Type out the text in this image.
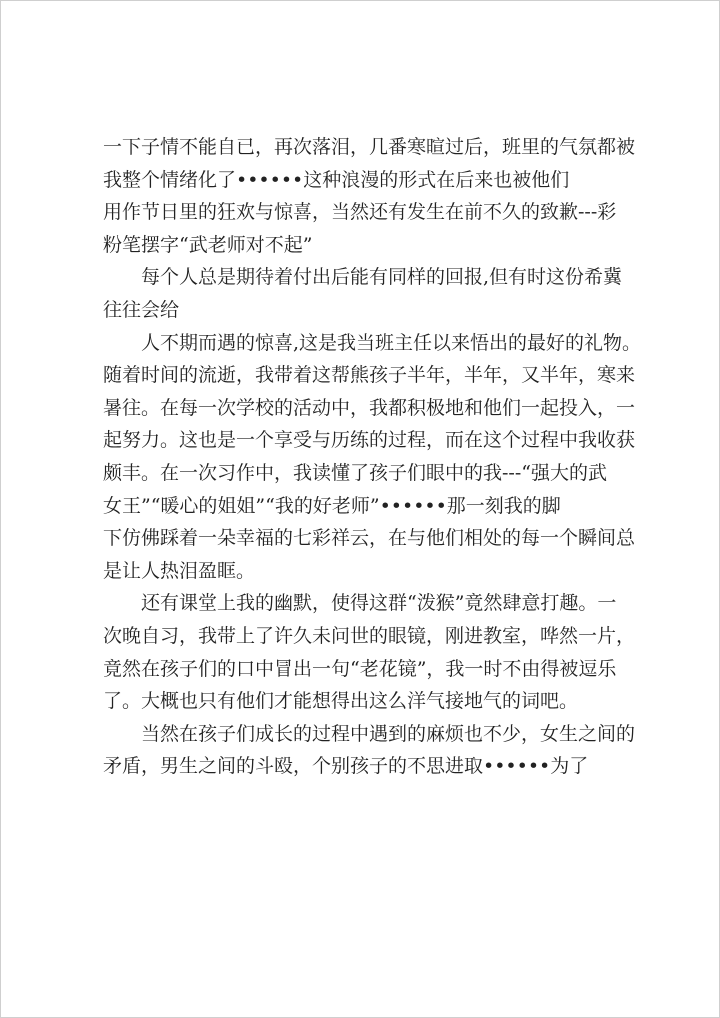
一下子情不能自已，再次落泪，几番寒暄过后，班里的气氛都被
我整个情绪化了••••••这种浪漫的形式在后来也被他们
用作节日里的狂欢与惊喜，当然还有发生在前不久的致歉---彩
粉笔摆字“武老师对不起”
每个人总是期待着付出后能有同样的回报,但有时这份希冀
往往会给
人不期而遇的惊喜,这是我当班主任以来悟出的最好的礼物。
随着时间的流逝，我带着这帮熊孩子半年，半年，又半年，寒来
暑往。在每一次学校的活动中，我都积极地和他们一起投入，一
起努力。这也是一个享受与历练的过程，而在这个过程中我收获
颇丰。在一次习作中，我读懂了孩子们眼中的我---“强大的武
女王”“暖心的姐姐”“我的好老师”••••••那一刻我的脚
下仿佛踩着一朵幸福的七彩祥云，在与他们相处的每一个瞬间总
是让人热泪盈眶。
还有课堂上我的幽默，使得这群“泼猴”竟然肆意打趣。一
次晚自习，我带上了许久未问世的眼镜，刚进教室，哗然一片，
竟然在孩子们的口中冒出一句“老花镜”，我一时不由得被逗乐
了。大概也只有他们才能想得出这么洋气接地气的词吧。
当然在孩子们成长的过程中遇到的麻烦也不少，女生之间的
矛盾，男生之间的斗殴，个别孩子的不思进取••••••为了
